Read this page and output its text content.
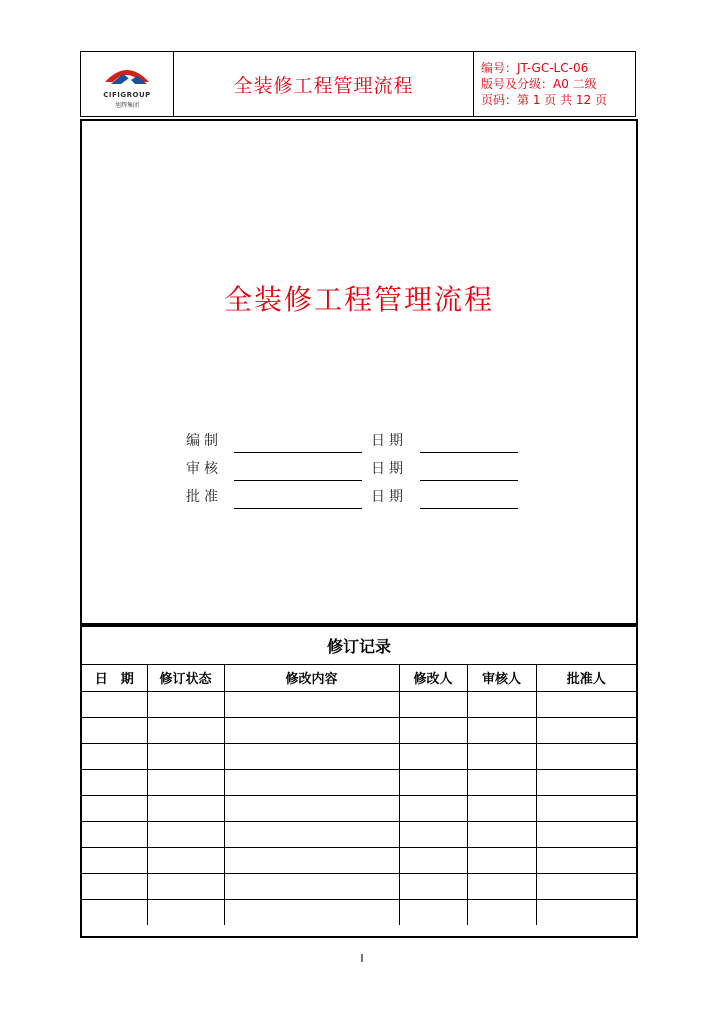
CIFIGROUP
旭辉集团
全装修工程管理流程
编号：JT-GC-LC-06
版号及分级：A0 二级
页码：第 1 页 共 12 页
全装修工程管理流程
编制	日期
审核	日期
批准	日期
修订记录
日　期	修订状态	修改内容	修改人	审核人	批准人

I
